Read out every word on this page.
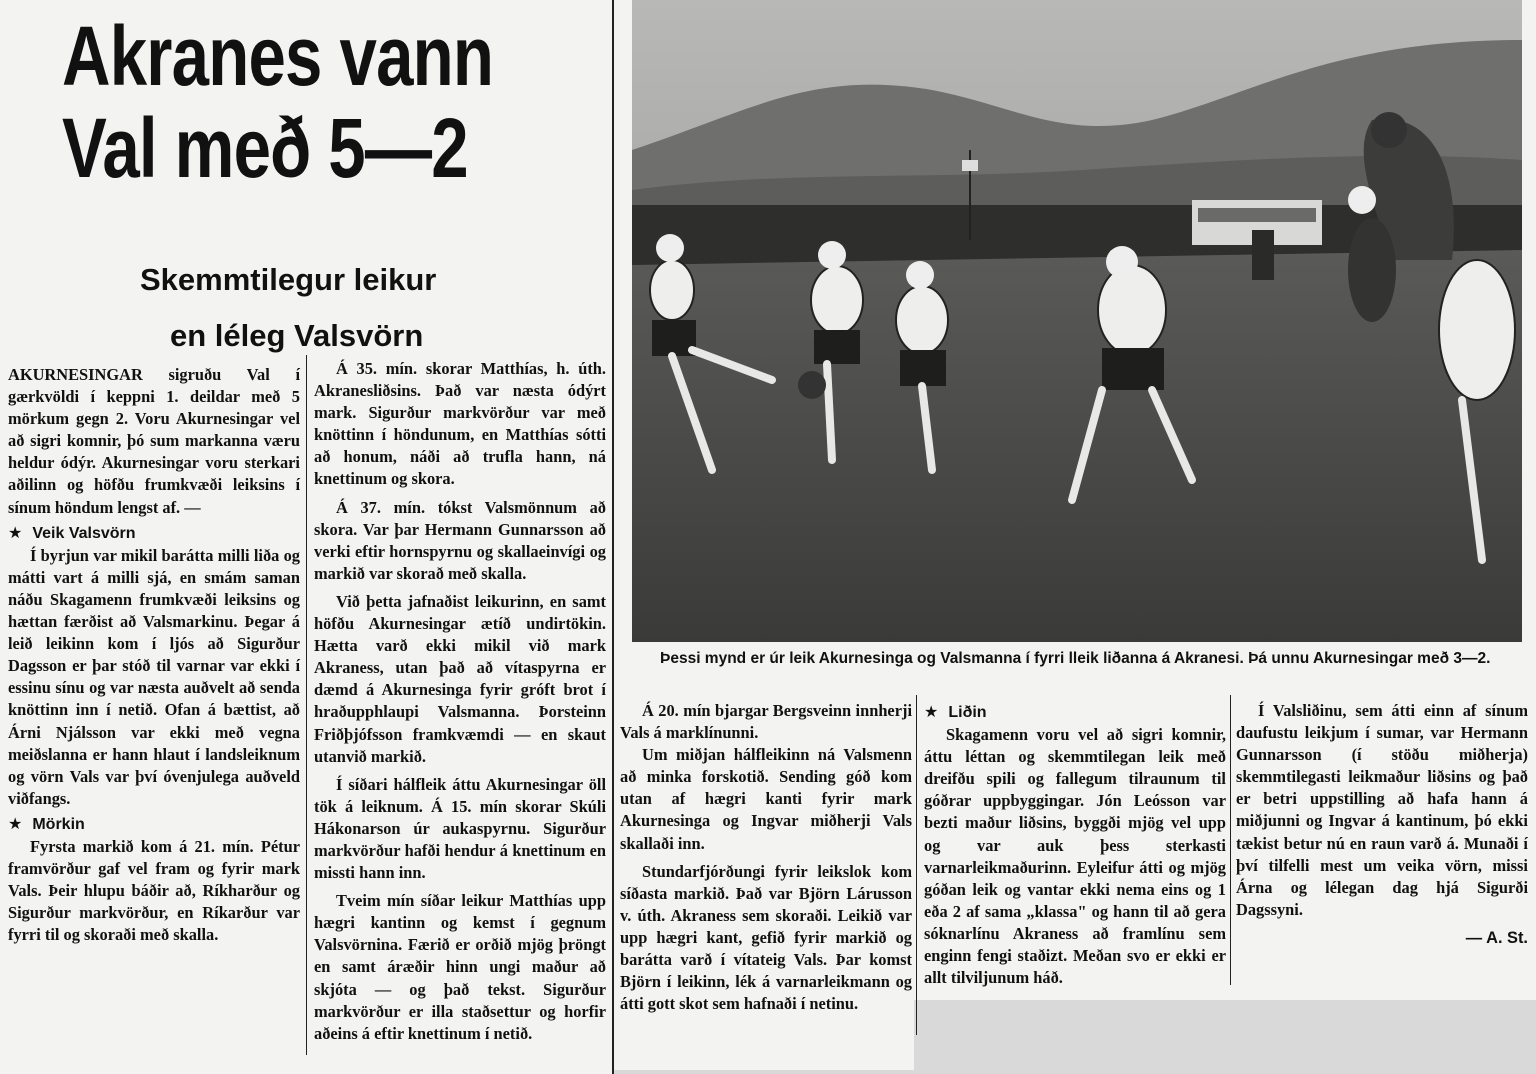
Akranes vann
Val með 5—2
Skemmtilegur leikur
en léleg Valsvörn

AKURNESINGAR sigruðu Val í gærkvöldi í keppni 1. deildar með 5 mörkum gegn 2. Voru Akurnesingar vel að sigri komnir, þó sum markanna væru heldur ódýr. Akurnesingar voru sterkari aðilinn og höfðu frumkvæði leiksins í sínum höndum lengst af. —

★ Veik Valsvörn

Í byrjun var mikil barátta milli liða og mátti vart á milli sjá, en smám saman náðu Skagamenn frumkvæði leiksins og hættan færðist að Valsmarkinu. Þegar á leið leikinn kom í ljós að Sigurður Dagsson er þar stóð til varnar var ekki í essinu sínu og var næsta auðvelt að senda knöttinn inn í netið. Ofan á bættist, að Árni Njálsson var ekki með vegna meiðslanna er hann hlaut í landsleiknum og vörn Vals var því óvenjulega auðveld viðfangs.

★ Mörkin

Fyrsta markið kom á 21. mín. Pétur framvörður gaf vel fram og fyrir mark Vals. Þeir hlupu báðir að, Ríkharður og Sigurður markvörður, en Ríkarður var fyrri til og skoraði með skalla.

Á 35. mín. skorar Matthías, h. úth. Akranesliðsins. Það var næsta ódýrt mark. Sigurður markvörður var með knöttinn í höndunum, en Matthías sótti að honum, náði að trufla hann, ná knettinum og skora.

Á 37. mín. tókst Valsmönnum að skora. Var þar Hermann Gunnarsson að verki eftir hornspyrnu og skallaeinvígi og markið var skorað með skalla.

Við þetta jafnaðist leikurinn, en samt höfðu Akurnesingar ætíð undirtökin. Hætta varð ekki mikil við mark Akraness, utan það að vítaspyrna er dæmd á Akurnesinga fyrir gróft brot í hraðupphlaupi Valsmanna. Þorsteinn Friðþjófsson framkvæmdi — en skaut utanvið markið.

Í síðari hálfleik áttu Akurnesingar öll tök á leiknum. Á 15. mín skorar Skúli Hákonarson úr aukaspyrnu. Sigurður markvörður hafði hendur á knettinum en missti hann inn.

Tveim mín síðar leikur Matthías upp hægri kantinn og kemst í gegnum Valsvörnina. Færið er orðið mjög þröngt en samt áræðir hinn ungi maður að skjóta — og það tekst. Sigurður markvörður er illa staðsettur og horfir aðeins á eftir knettinum í netið.

Þessi mynd er úr leik Akurnesinga og Valsmanna í fyrri lleik liðanna á Akranesi. Þá unnu Akurnesingar með 3—2.

Á 20. mín bjargar Bergsveinn innherji Vals á marklínunni.

Um miðjan hálfleikinn ná Valsmenn að minka forskotið. Sending góð kom utan af hægri kanti fyrir mark Akurnesinga og Ingvar miðherji Vals skallaði inn.

Stundarfjórðungi fyrir leikslok kom síðasta markið. Það var Björn Lárusson v. úth. Akraness sem skoraði. Leikið var upp hægri kant, gefið fyrir markið og barátta varð í vítateig Vals. Þar komst Björn í leikinn, lék á varnarleikmann og átti gott skot sem hafnaði í netinu.

★ Liðin

Skagamenn voru vel að sigri komnir, áttu léttan og skemmtilegan leik með dreifðu spili og fallegum tilraunum til góðrar uppbyggingar. Jón Leósson var bezti maður liðsins, byggði mjög vel upp og var auk þess sterkasti varnarleikmaðurinn. Eyleifur átti og mjög góðan leik og vantar ekki nema eins og 1 eða 2 af sama „klassa" og hann til að gera sóknarlínu Akraness að framlínu sem enginn fengi staðizt. Meðan svo er ekki er allt tilviljunum háð.

Í Valsliðinu, sem átti einn af sínum daufustu leikjum í sumar, var Hermann Gunnarsson (í stöðu miðherja) skemmtilegasti leikmaður liðsins og það er betri uppstilling að hafa hann á miðjunni og Ingvar á kantinum, þó ekki tækist betur nú en raun varð á. Munaði í því tilfelli mest um veika vörn, missi Árna og lélegan dag hjá Sigurði Dagssyni.

— A. St.
